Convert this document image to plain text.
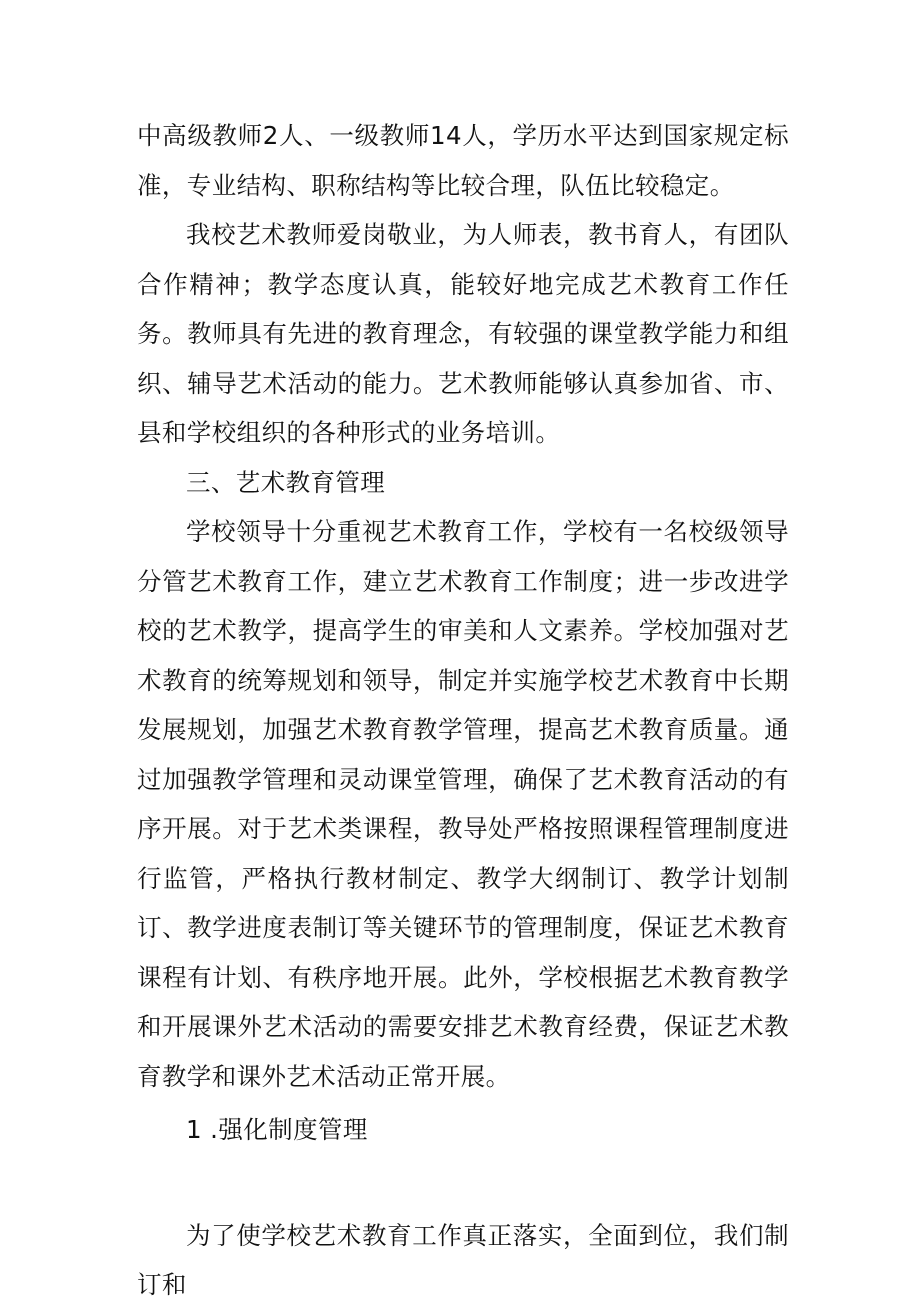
中高级教师2人、一级教师14人，学历水平达到国家规定标准，专业结构、职称结构等比较合理，队伍比较稳定。

我校艺术教师爱岗敬业，为人师表，教书育人，有团队合作精神；教学态度认真，能较好地完成艺术教育工作任务。教师具有先进的教育理念，有较强的课堂教学能力和组织、辅导艺术活动的能力。艺术教师能够认真参加省、市、县和学校组织的各种形式的业务培训。

三、艺术教育管理

学校领导十分重视艺术教育工作，学校有一名校级领导分管艺术教育工作，建立艺术教育工作制度；进一步改进学校的艺术教学，提高学生的审美和人文素养。学校加强对艺术教育的统筹规划和领导，制定并实施学校艺术教育中长期发展规划，加强艺术教育教学管理，提高艺术教育质量。通过加强教学管理和灵动课堂管理，确保了艺术教育活动的有序开展。对于艺术类课程，教导处严格按照课程管理制度进行监管，严格执行教材制定、教学大纲制订、教学计划制订、教学进度表制订等关键环节的管理制度，保证艺术教育课程有计划、有秩序地开展。此外，学校根据艺术教育教学和开展课外艺术活动的需要安排艺术教育经费，保证艺术教育教学和课外艺术活动正常开展。

1 .强化制度管理

为了使学校艺术教育工作真正落实，全面到位，我们制订和
